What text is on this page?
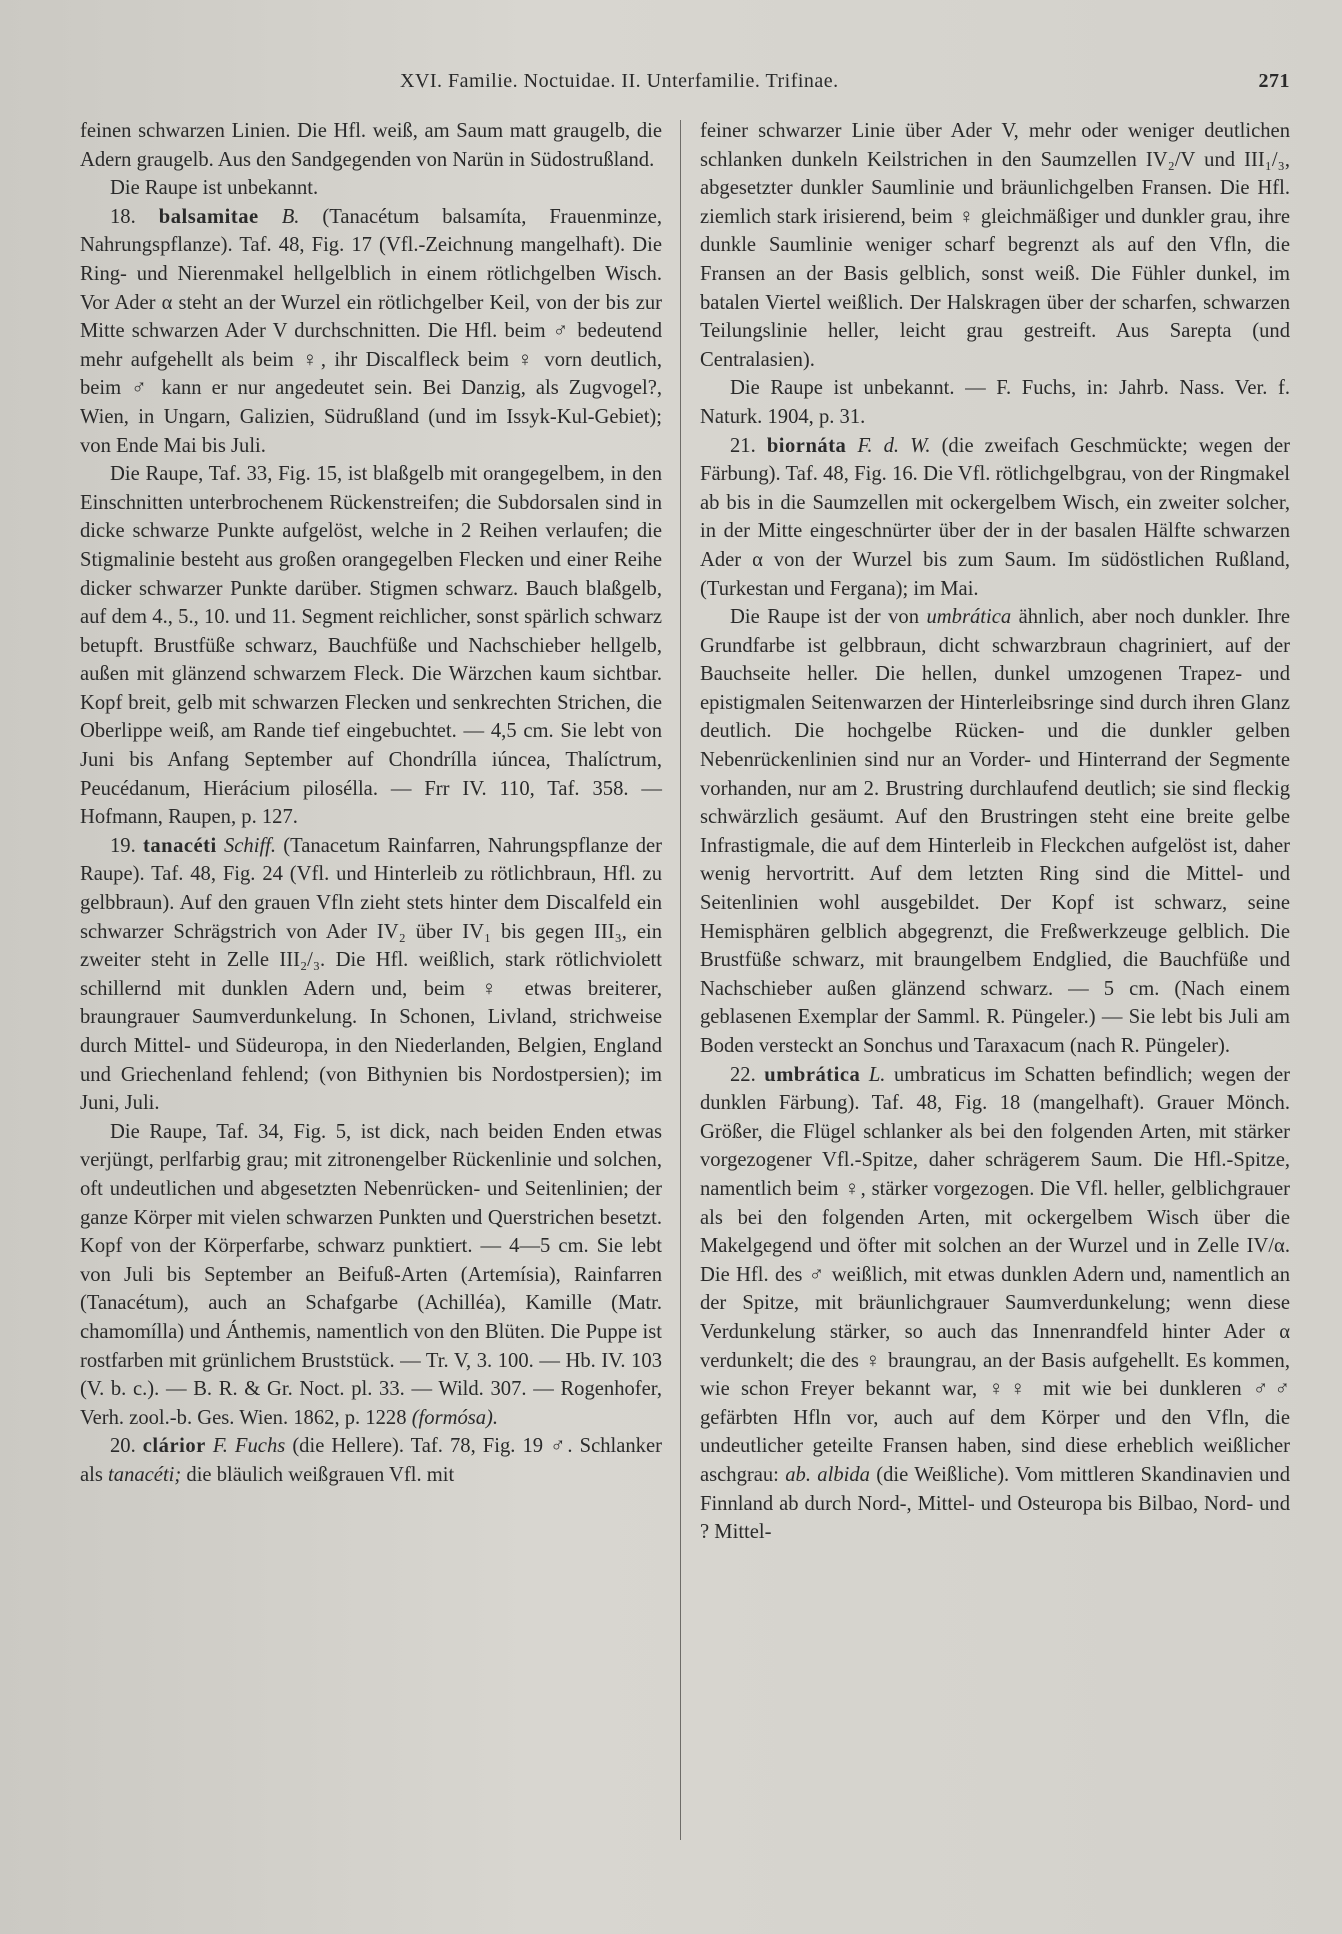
XVI. Familie. Noctuidae. II. Unterfamilie. Trifinae.	271

feinen schwarzen Linien. Die Hfl. weiß, am Saum matt graugelb, die Adern graugelb. Aus den Sandgegenden von Narün in Südostrußland.

Die Raupe ist unbekannt.

18. balsamitae B. (Tanacétum balsamíta, Frauenminze, Nahrungspflanze). Taf. 48, Fig. 17 (Vfl.-Zeichnung mangelhaft). Die Ring- und Nierenmakel hellgelblich in einem rötlichgelben Wisch. Vor Ader α steht an der Wurzel ein rötlichgelber Keil, von der bis zur Mitte schwarzen Ader V durchschnitten. Die Hfl. beim ♂ bedeutend mehr aufgehellt als beim ♀, ihr Discalfleck beim ♀ vorn deutlich, beim ♂ kann er nur angedeutet sein. Bei Danzig, als Zugvogel?, Wien, in Ungarn, Galizien, Südrußland (und im Issyk-Kul-Gebiet); von Ende Mai bis Juli.

Die Raupe, Taf. 33, Fig. 15, ist blaßgelb mit orangegelbem, in den Einschnitten unterbrochenem Rückenstreifen; die Subdorsalen sind in dicke schwarze Punkte aufgelöst, welche in 2 Reihen verlaufen; die Stigmalinie besteht aus großen orangegelben Flecken und einer Reihe dicker schwarzer Punkte darüber. Stigmen schwarz. Bauch blaßgelb, auf dem 4., 5., 10. und 11. Segment reichlicher, sonst spärlich schwarz betupft. Brustfüße schwarz, Bauchfüße und Nachschieber hellgelb, außen mit glänzend schwarzem Fleck. Die Wärzchen kaum sichtbar. Kopf breit, gelb mit schwarzen Flecken und senkrechten Strichen, die Oberlippe weiß, am Rande tief eingebuchtet. — 4,5 cm. Sie lebt von Juni bis Anfang September auf Chondrílla iúncea, Thalíctrum, Peucédanum, Hierácium pilosélla. — Frr IV. 110, Taf. 358. — Hofmann, Raupen, p. 127.

19. tanacéti Schiff. (Tanacetum Rainfarren, Nahrungspflanze der Raupe). Taf. 48, Fig. 24 (Vfl. und Hinterleib zu rötlichbraun, Hfl. zu gelbbraun). Auf den grauen Vfln zieht stets hinter dem Discalfeld ein schwarzer Schrägstrich von Ader IV₂ über IV₁ bis gegen III₃, ein zweiter steht in Zelle III₂/₃. Die Hfl. weißlich, stark rötlichviolett schillernd mit dunklen Adern und, beim ♀ etwas breiterer, braungrauer Saumverdunkelung. In Schonen, Livland, strichweise durch Mittel- und Südeuropa, in den Niederlanden, Belgien, England und Griechenland fehlend; (von Bithynien bis Nordostpersien); im Juni, Juli.

Die Raupe, Taf. 34, Fig. 5, ist dick, nach beiden Enden etwas verjüngt, perlfarbig grau; mit zitronengelber Rückenlinie und solchen, oft undeutlichen und abgesetzten Nebenrücken- und Seitenlinien; der ganze Körper mit vielen schwarzen Punkten und Querstrichen besetzt. Kopf von der Körperfarbe, schwarz punktiert. — 4—5 cm. Sie lebt von Juli bis September an Beifuß-Arten (Artemísia), Rainfarren (Tanacétum), auch an Schafgarbe (Achilléa), Kamille (Matr. chamomílla) und Ánthemis, namentlich von den Blüten. Die Puppe ist rostfarben mit grünlichem Bruststück. — Tr. V, 3. 100. — Hb. IV. 103 (V. b. c.). — B. R. & Gr. Noct. pl. 33. — Wild. 307. — Rogenhofer, Verh. zool.-b. Ges. Wien. 1862, p. 1228 (formósa).

20. clárior F. Fuchs (die Hellere). Taf. 78, Fig. 19 ♂. Schlanker als tanacéti; die bläulich weißgrauen Vfl. mit

feiner schwarzer Linie über Ader V, mehr oder weniger deutlichen schlanken dunkeln Keilstrichen in den Saumzellen IV₂/V und III₁/₃, abgesetzter dunkler Saumlinie und bräunlichgelben Fransen. Die Hfl. ziemlich stark irisierend, beim ♀ gleichmäßiger und dunkler grau, ihre dunkle Saumlinie weniger scharf begrenzt als auf den Vfln, die Fransen an der Basis gelblich, sonst weiß. Die Fühler dunkel, im batalen Viertel weißlich. Der Halskragen über der scharfen, schwarzen Teilungslinie heller, leicht grau gestreift. Aus Sarepta (und Centralasien).

Die Raupe ist unbekannt. — F. Fuchs, in: Jahrb. Nass. Ver. f. Naturk. 1904, p. 31.

21. biornáta F. d. W. (die zweifach Geschmückte; wegen der Färbung). Taf. 48, Fig. 16. Die Vfl. rötlichgelbgrau, von der Ringmakel ab bis in die Saumzellen mit ockergelbem Wisch, ein zweiter solcher, in der Mitte eingeschnürter über der in der basalen Hälfte schwarzen Ader α von der Wurzel bis zum Saum. Im südöstlichen Rußland, (Turkestan und Fergana); im Mai.

Die Raupe ist der von umbrática ähnlich, aber noch dunkler. Ihre Grundfarbe ist gelbbraun, dicht schwarzbraun chagriniert, auf der Bauchseite heller. Die hellen, dunkel umzogenen Trapez- und epistigmalen Seitenwarzen der Hinterleibsringe sind durch ihren Glanz deutlich. Die hochgelbe Rücken- und die dunkler gelben Nebenrückenlinien sind nur an Vorder- und Hinterrand der Segmente vorhanden, nur am 2. Brustring durchlaufend deutlich; sie sind fleckig schwärzlich gesäumt. Auf den Brustringen steht eine breite gelbe Infrastigmale, die auf dem Hinterleib in Fleckchen aufgelöst ist, daher wenig hervortritt. Auf dem letzten Ring sind die Mittel- und Seitenlinien wohl ausgebildet. Der Kopf ist schwarz, seine Hemisphären gelblich abgegrenzt, die Freßwerkzeuge gelblich. Die Brustfüße schwarz, mit braungelbem Endglied, die Bauchfüße und Nachschieber außen glänzend schwarz. — 5 cm. (Nach einem geblasenen Exemplar der Samml. R. Püngeler.) — Sie lebt bis Juli am Boden versteckt an Sonchus und Taraxacum (nach R. Püngeler).

22. umbrática L. umbraticus im Schatten befindlich; wegen der dunklen Färbung). Taf. 48, Fig. 18 (mangelhaft). Grauer Mönch. Größer, die Flügel schlanker als bei den folgenden Arten, mit stärker vorgezogener Vfl.-Spitze, daher schrägerem Saum. Die Hfl.-Spitze, namentlich beim ♀, stärker vorgezogen. Die Vfl. heller, gelblichgrauer als bei den folgenden Arten, mit ockergelbem Wisch über die Makelgegend und öfter mit solchen an der Wurzel und in Zelle IV/α. Die Hfl. des ♂ weißlich, mit etwas dunklen Adern und, namentlich an der Spitze, mit bräunlichgrauer Saumverdunkelung; wenn diese Verdunkelung stärker, so auch das Innenrandfeld hinter Ader α verdunkelt; die des ♀ braungrau, an der Basis aufgehellt. Es kommen, wie schon Freyer bekannt war, ♀♀ mit wie bei dunkleren ♂♂ gefärbten Hfln vor, auch auf dem Körper und den Vfln, die undeutlicher geteilte Fransen haben, sind diese erheblich weißlicher aschgrau: ab. albida (die Weißliche). Vom mittleren Skandinavien und Finnland ab durch Nord-, Mittel- und Osteuropa bis Bilbao, Nord- und ? Mittel-
